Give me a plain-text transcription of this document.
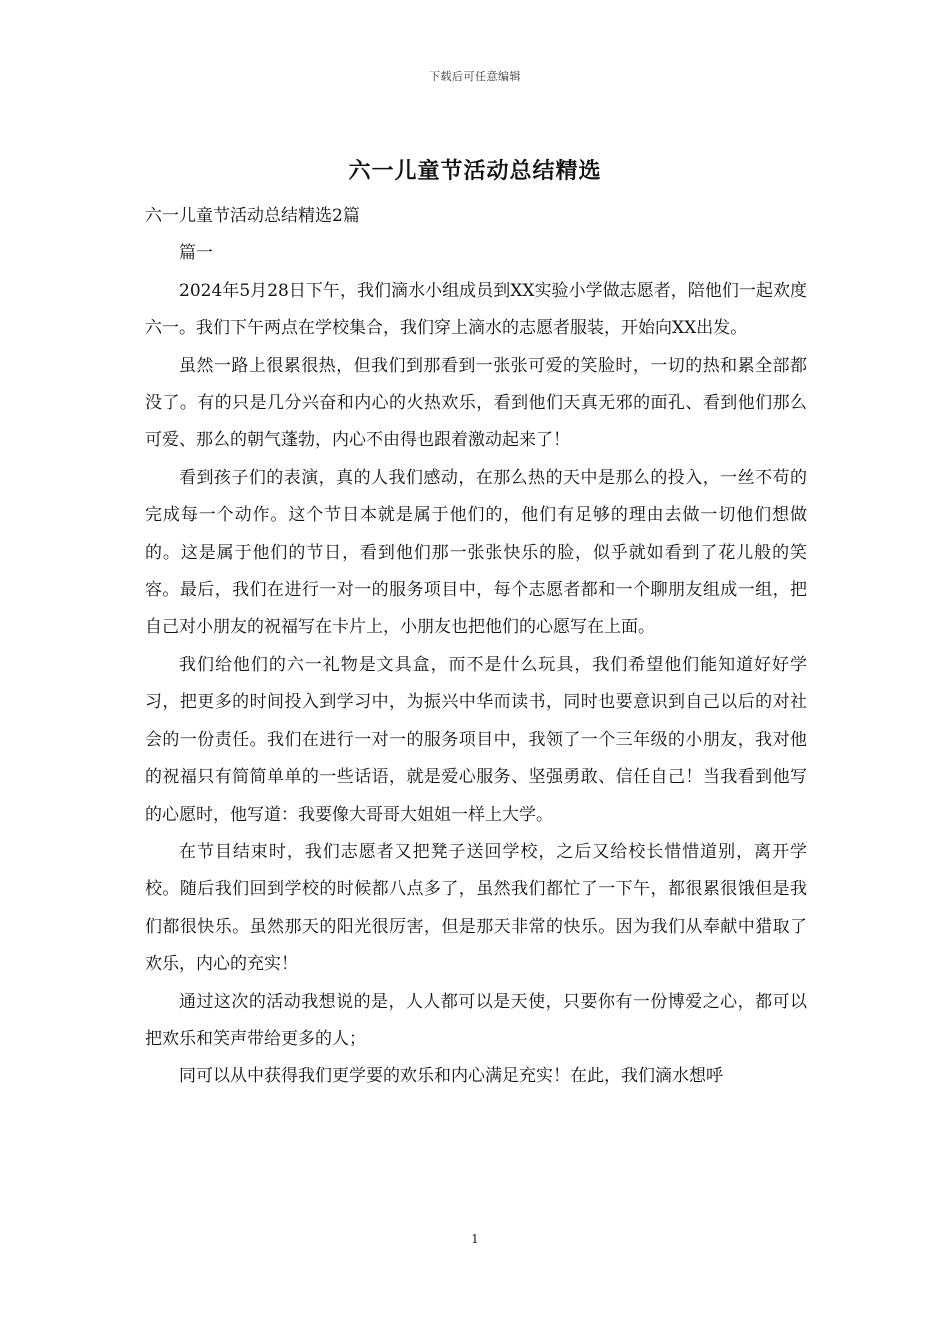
下载后可任意编辑
六一儿童节活动总结精选

六一儿童节活动总结精选2篇

篇一

2024年5月28日下午，我们滴水小组成员到XX实验小学做志愿者，陪他们一起欢度六一。我们下午两点在学校集合，我们穿上滴水的志愿者服装，开始向XX出发。

虽然一路上很累很热，但我们到那看到一张张可爱的笑脸时，一切的热和累全部都没了。有的只是几分兴奋和内心的火热欢乐，看到他们天真无邪的面孔、看到他们那么可爱、那么的朝气蓬勃，内心不由得也跟着激动起来了！

看到孩子们的表演，真的人我们感动，在那么热的天中是那么的投入，一丝不苟的完成每一个动作。这个节日本就是属于他们的，他们有足够的理由去做一切他们想做的。这是属于他们的节日，看到他们那一张张快乐的脸，似乎就如看到了花儿般的笑容。最后，我们在进行一对一的服务项目中，每个志愿者都和一个聊朋友组成一组，把自己对小朋友的祝福写在卡片上，小朋友也把他们的心愿写在上面。

我们给他们的六一礼物是文具盒，而不是什么玩具，我们希望他们能知道好好学习，把更多的时间投入到学习中，为振兴中华而读书，同时也要意识到自己以后的对社会的一份责任。我们在进行一对一的服务项目中，我领了一个三年级的小朋友，我对他的祝福只有简简单单的一些话语，就是爱心服务、坚强勇敢、信任自己！当我看到他写的心愿时，他写道：我要像大哥哥大姐姐一样上大学。

在节目结束时，我们志愿者又把凳子送回学校，之后又给校长惜惜道别，离开学校。随后我们回到学校的时候都八点多了，虽然我们都忙了一下午，都很累很饿但是我们都很快乐。虽然那天的阳光很厉害，但是那天非常的快乐。因为我们从奉献中猎取了欢乐，内心的充实！

通过这次的活动我想说的是，人人都可以是天使，只要你有一份博爱之心，都可以把欢乐和笑声带给更多的人；

同可以从中获得我们更学要的欢乐和内心满足充实！在此，我们滴水想呼

1
